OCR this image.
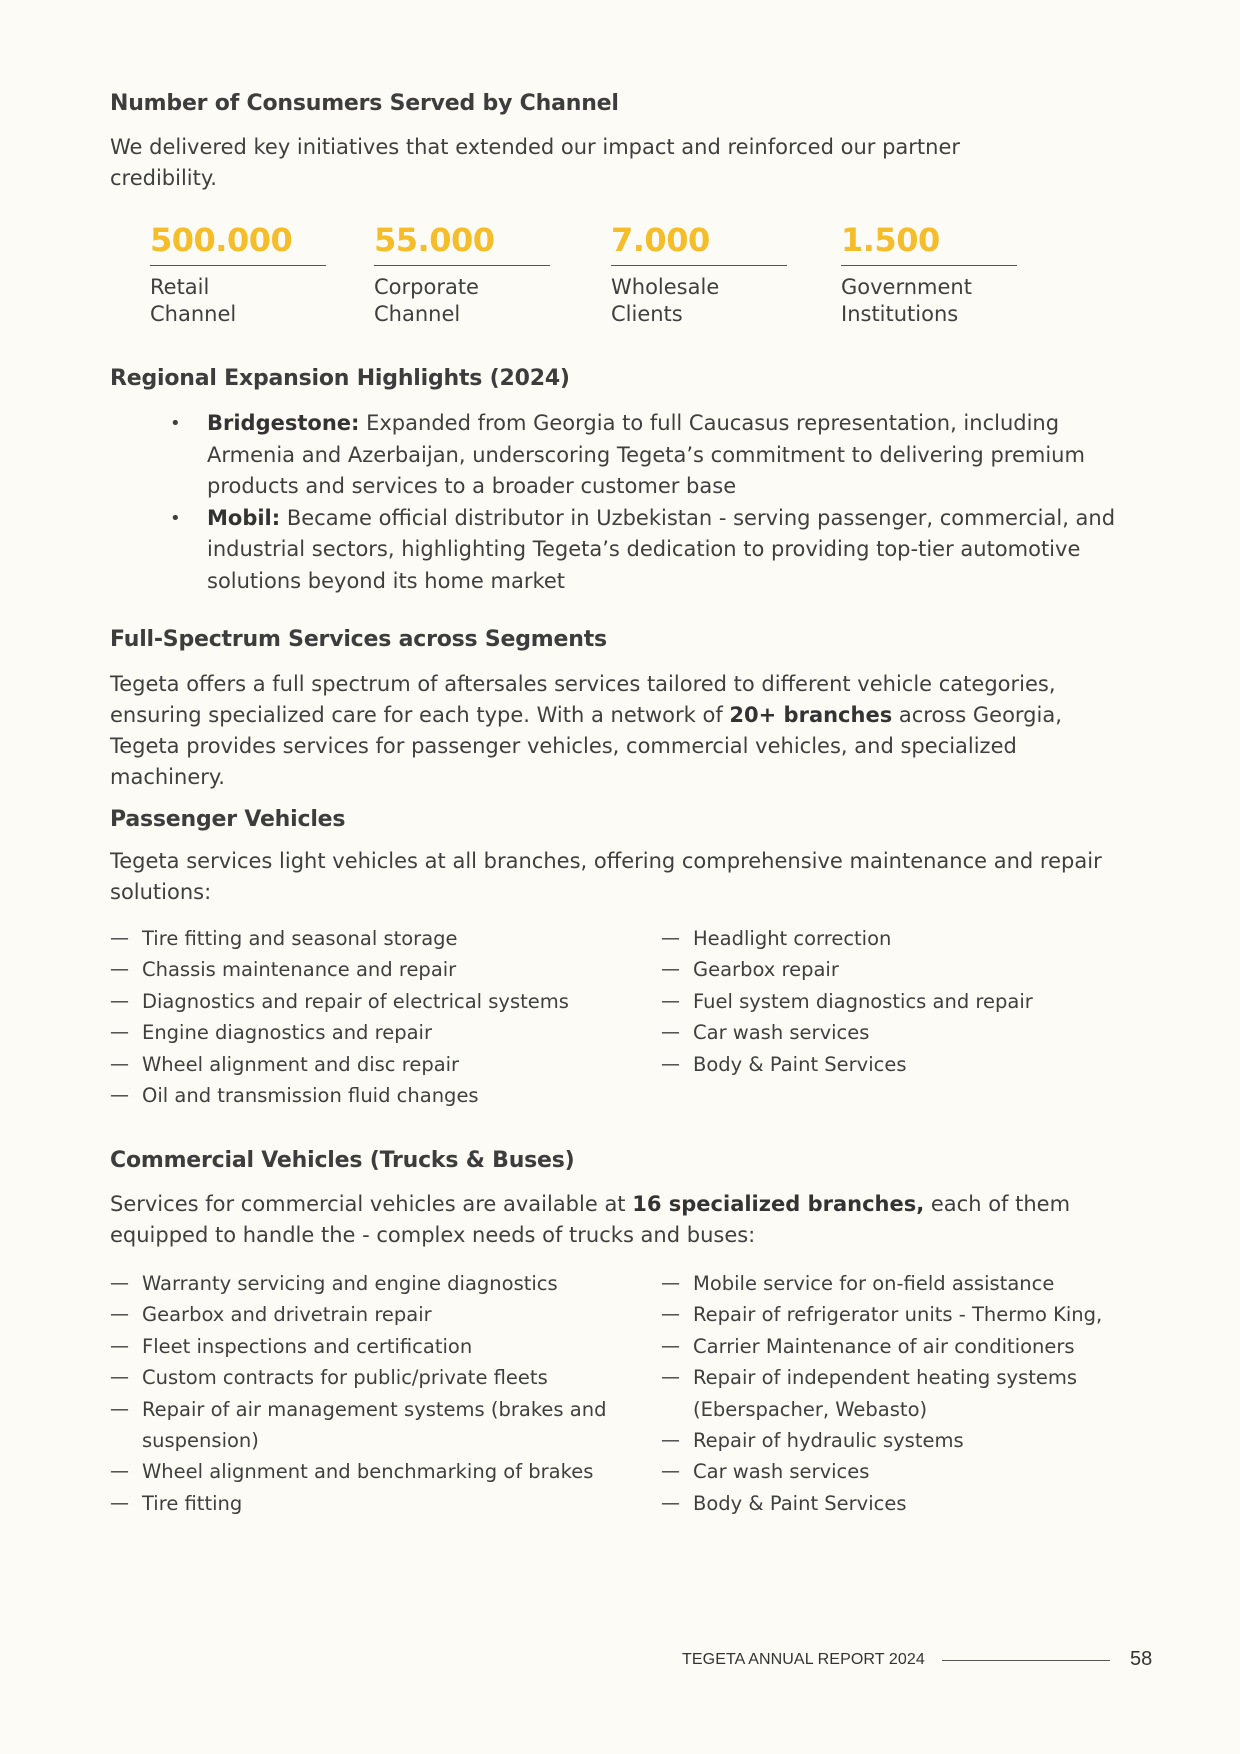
Number of Consumers Served by Channel

We delivered key initiatives that extended our impact and reinforced our partner credibility.

500.000
Retail
Channel
55.000
Corporate
Channel
7.000
Wholesale
Clients
1.500
Government
Institutions
Regional Expansion Highlights (2024)
• Bridgestone: Expanded from Georgia to full Caucasus representation, including Armenia and Azerbaijan, underscoring Tegeta’s commitment to delivering premium products and services to a broader customer base
• Mobil: Became official distributor in Uzbekistan - serving passenger, commercial, and industrial sectors, highlighting Tegeta’s dedication to providing top-tier automotive solutions beyond its home market
Full-Spectrum Services across Segments

Tegeta offers a full spectrum of aftersales services tailored to different vehicle categories, ensuring specialized care for each type. With a network of 20+ branches across Georgia, Tegeta provides services for passenger vehicles, commercial vehicles, and specialized machinery.

Passenger Vehicles

Tegeta services light vehicles at all branches, offering comprehensive maintenance and repair solutions:

— Tire fitting and seasonal storage
— Chassis maintenance and repair
— Diagnostics and repair of electrical systems
— Engine diagnostics and repair
— Wheel alignment and disc repair
— Oil and transmission fluid changes
— Headlight correction
— Gearbox repair
— Fuel system diagnostics and repair
— Car wash services
— Body & Paint Services
Commercial Vehicles (Trucks & Buses)

Services for commercial vehicles are available at 16 specialized branches, each of them equipped to handle the - complex needs of trucks and buses:

— Warranty servicing and engine diagnostics
— Gearbox and drivetrain repair
— Fleet inspections and certification
— Custom contracts for public/private fleets
— Repair of air management systems (brakes and suspension)
— Wheel alignment and benchmarking of brakes
— Tire fitting
— Mobile service for on-field assistance
— Repair of refrigerator units - Thermo King,
— Carrier Maintenance of air conditioners
— Repair of independent heating systems (Eberspacher, Webasto)
— Repair of hydraulic systems
— Car wash services
— Body & Paint Services
TEGETA ANNUAL REPORT 2024	58
